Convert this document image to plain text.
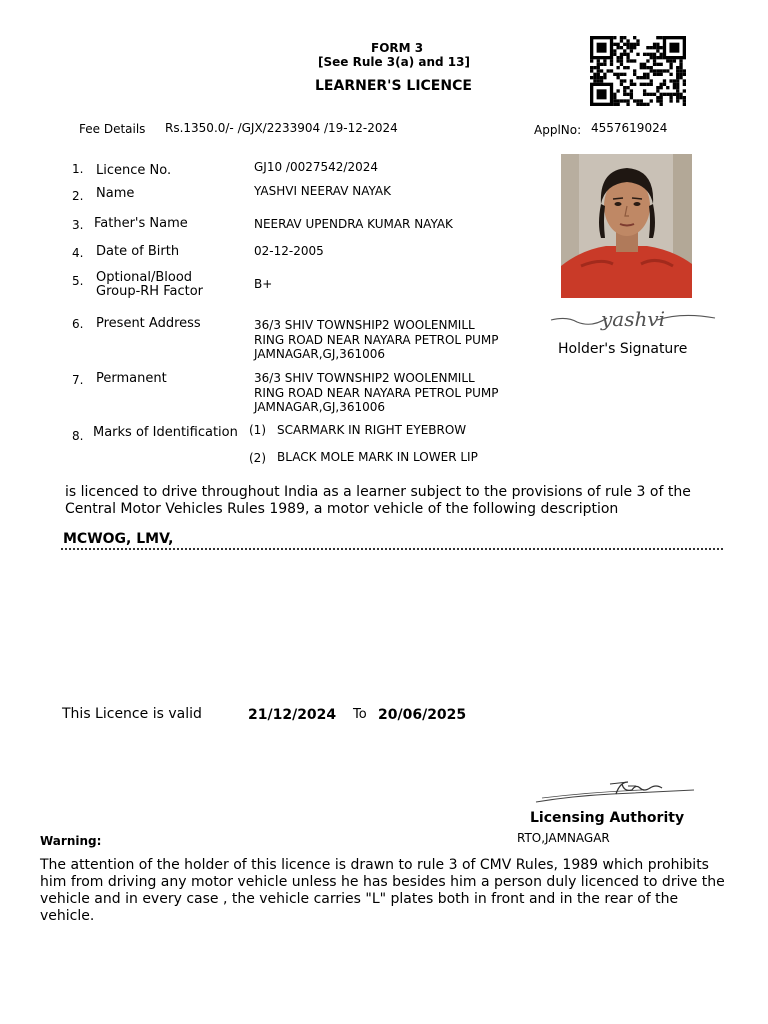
FORM 3
[See Rule 3(a) and 13]
LEARNER'S LICENCE
Fee Details Rs.1350.0/- /GJX/2233904 /19-12-2024	ApplNo: 4557619024
1. Licence No.	GJ10 /0027542/2024
2. Name	YASHVI NEERAV NAYAK
3. Father's Name	NEERAV UPENDRA KUMAR NAYAK
4. Date of Birth	02-12-2005
5. Optional/Blood Group-RH Factor	B+
6. Present Address	36/3 SHIV TOWNSHIP2 WOOLENMILL RING ROAD NEAR NAYARA PETROL PUMP JAMNAGAR,GJ,361006
7. Permanent	36/3 SHIV TOWNSHIP2 WOOLENMILL RING ROAD NEAR NAYARA PETROL PUMP JAMNAGAR,GJ,361006
8. Marks of Identification (1) SCARMARK IN RIGHT EYEBROW
(2) BLACK MOLE MARK IN LOWER LIP
yashvi
Holder's Signature
is licenced to drive throughout India as a learner subject to the provisions of rule 3 of the Central Motor Vehicles Rules 1989, a motor vehicle of the following description
MCWOG, LMV,
This Licence is valid	21/12/2024 To 20/06/2025
Licensing Authority
RTO,JAMNAGAR
Warning:
The attention of the holder of this licence is drawn to rule 3 of CMV Rules, 1989 which prohibits him from driving any motor vehicle unless he has besides him a person duly licenced to drive the vehicle and in every case , the vehicle carries "L" plates both in front and in the rear of the vehicle.
